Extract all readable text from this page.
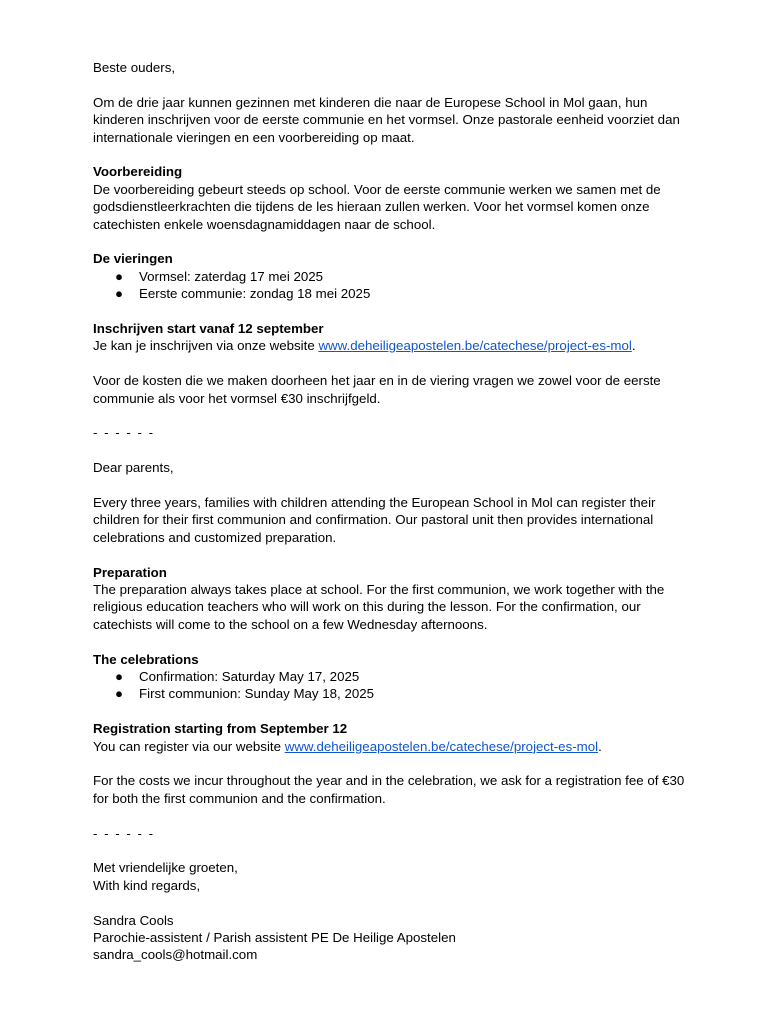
Beste ouders,

Om de drie jaar kunnen gezinnen met kinderen die naar de Europese School in Mol gaan, hun kinderen inschrijven voor de eerste communie en het vormsel. Onze pastorale eenheid voorziet dan internationale vieringen en een voorbereiding op maat.

Voorbereiding
De voorbereiding gebeurt steeds op school. Voor de eerste communie werken we samen met de godsdienstleerkrachten die tijdens de les hieraan zullen werken. Voor het vormsel komen onze catechisten enkele woensdagnamiddagen naar de school.

De vieringen
● Vormsel: zaterdag 17 mei 2025
● Eerste communie: zondag 18 mei 2025

Inschrijven start vanaf 12 september
Je kan je inschrijven via onze website www.deheiligeapostelen.be/catechese/project-es-mol.

Voor de kosten die we maken doorheen het jaar en in de viering vragen we zowel voor de eerste communie als voor het vormsel €30 inschrijfgeld.

- - - - - -

Dear parents,

Every three years, families with children attending the European School in Mol can register their children for their first communion and confirmation. Our pastoral unit then provides international celebrations and customized preparation.

Preparation
The preparation always takes place at school. For the first communion, we work together with the religious education teachers who will work on this during the lesson. For the confirmation, our catechists will come to the school on a few Wednesday afternoons.

The celebrations
● Confirmation: Saturday May 17, 2025
● First communion: Sunday May 18, 2025

Registration starting from September 12
You can register via our website www.deheiligeapostelen.be/catechese/project-es-mol.

For the costs we incur throughout the year and in the celebration, we ask for a registration fee of €30 for both the first communion and the confirmation.

- - - - - -

Met vriendelijke groeten,
With kind regards,

Sandra Cools
Parochie-assistent / Parish assistent PE De Heilige Apostelen
sandra_cools@hotmail.com
